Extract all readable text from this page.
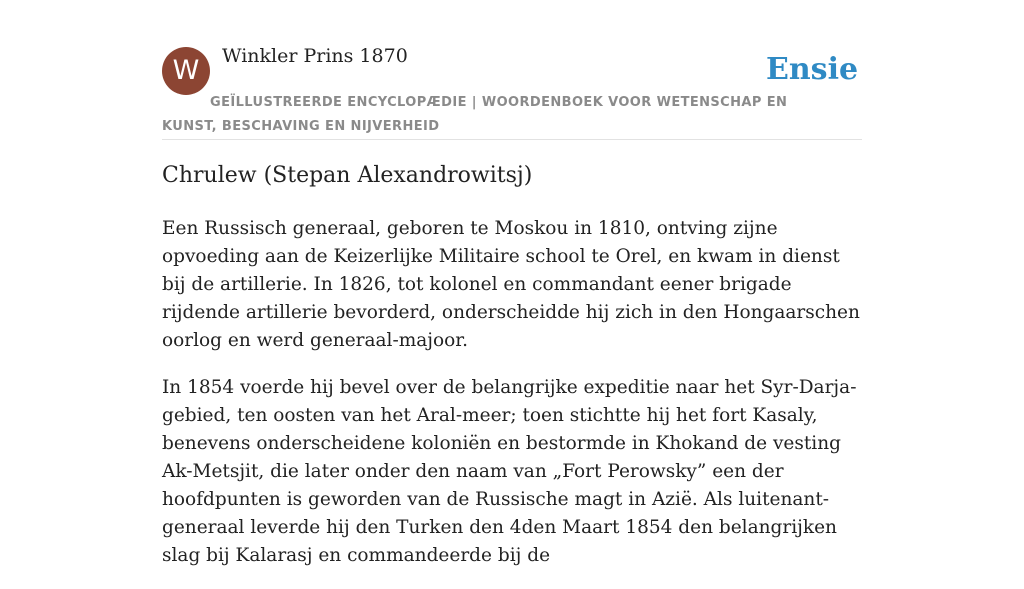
W	Winkler Prins 1870	Ensie
GEÏLLUSTREERDE ENCYCLOPÆDIE | WOORDENBOEK VOOR WETENSCHAP EN KUNST, BESCHAVING EN NIJVERHEID
Chrulew (Stepan Alexandrowitsj)

Een Russisch generaal, geboren te Moskou in 1810, ontving zijne opvoeding aan de Keizerlijke Militaire school te Orel, en kwam in dienst bij de artillerie. In 1826, tot kolonel en commandant eener brigade rijdende artillerie bevorderd, onderscheidde hij zich in den Hongaarschen oorlog en werd generaal-majoor.

In 1854 voerde hij bevel over de belangrijke expeditie naar het Syr-Darja-gebied, ten oosten van het Aral-meer; toen stichtte hij het fort Kasaly, benevens onderscheidene koloniën en bestormde in Khokand de vesting Ak-Metsjit, die later onder den naam van „Fort Perowsky” een der hoofdpunten is geworden van de Russische magt in Azië. Als luitenant-generaal leverde hij den Turken den 4den Maart 1854 den belangrijken slag bij Kalarasj en commandeerde bij de
